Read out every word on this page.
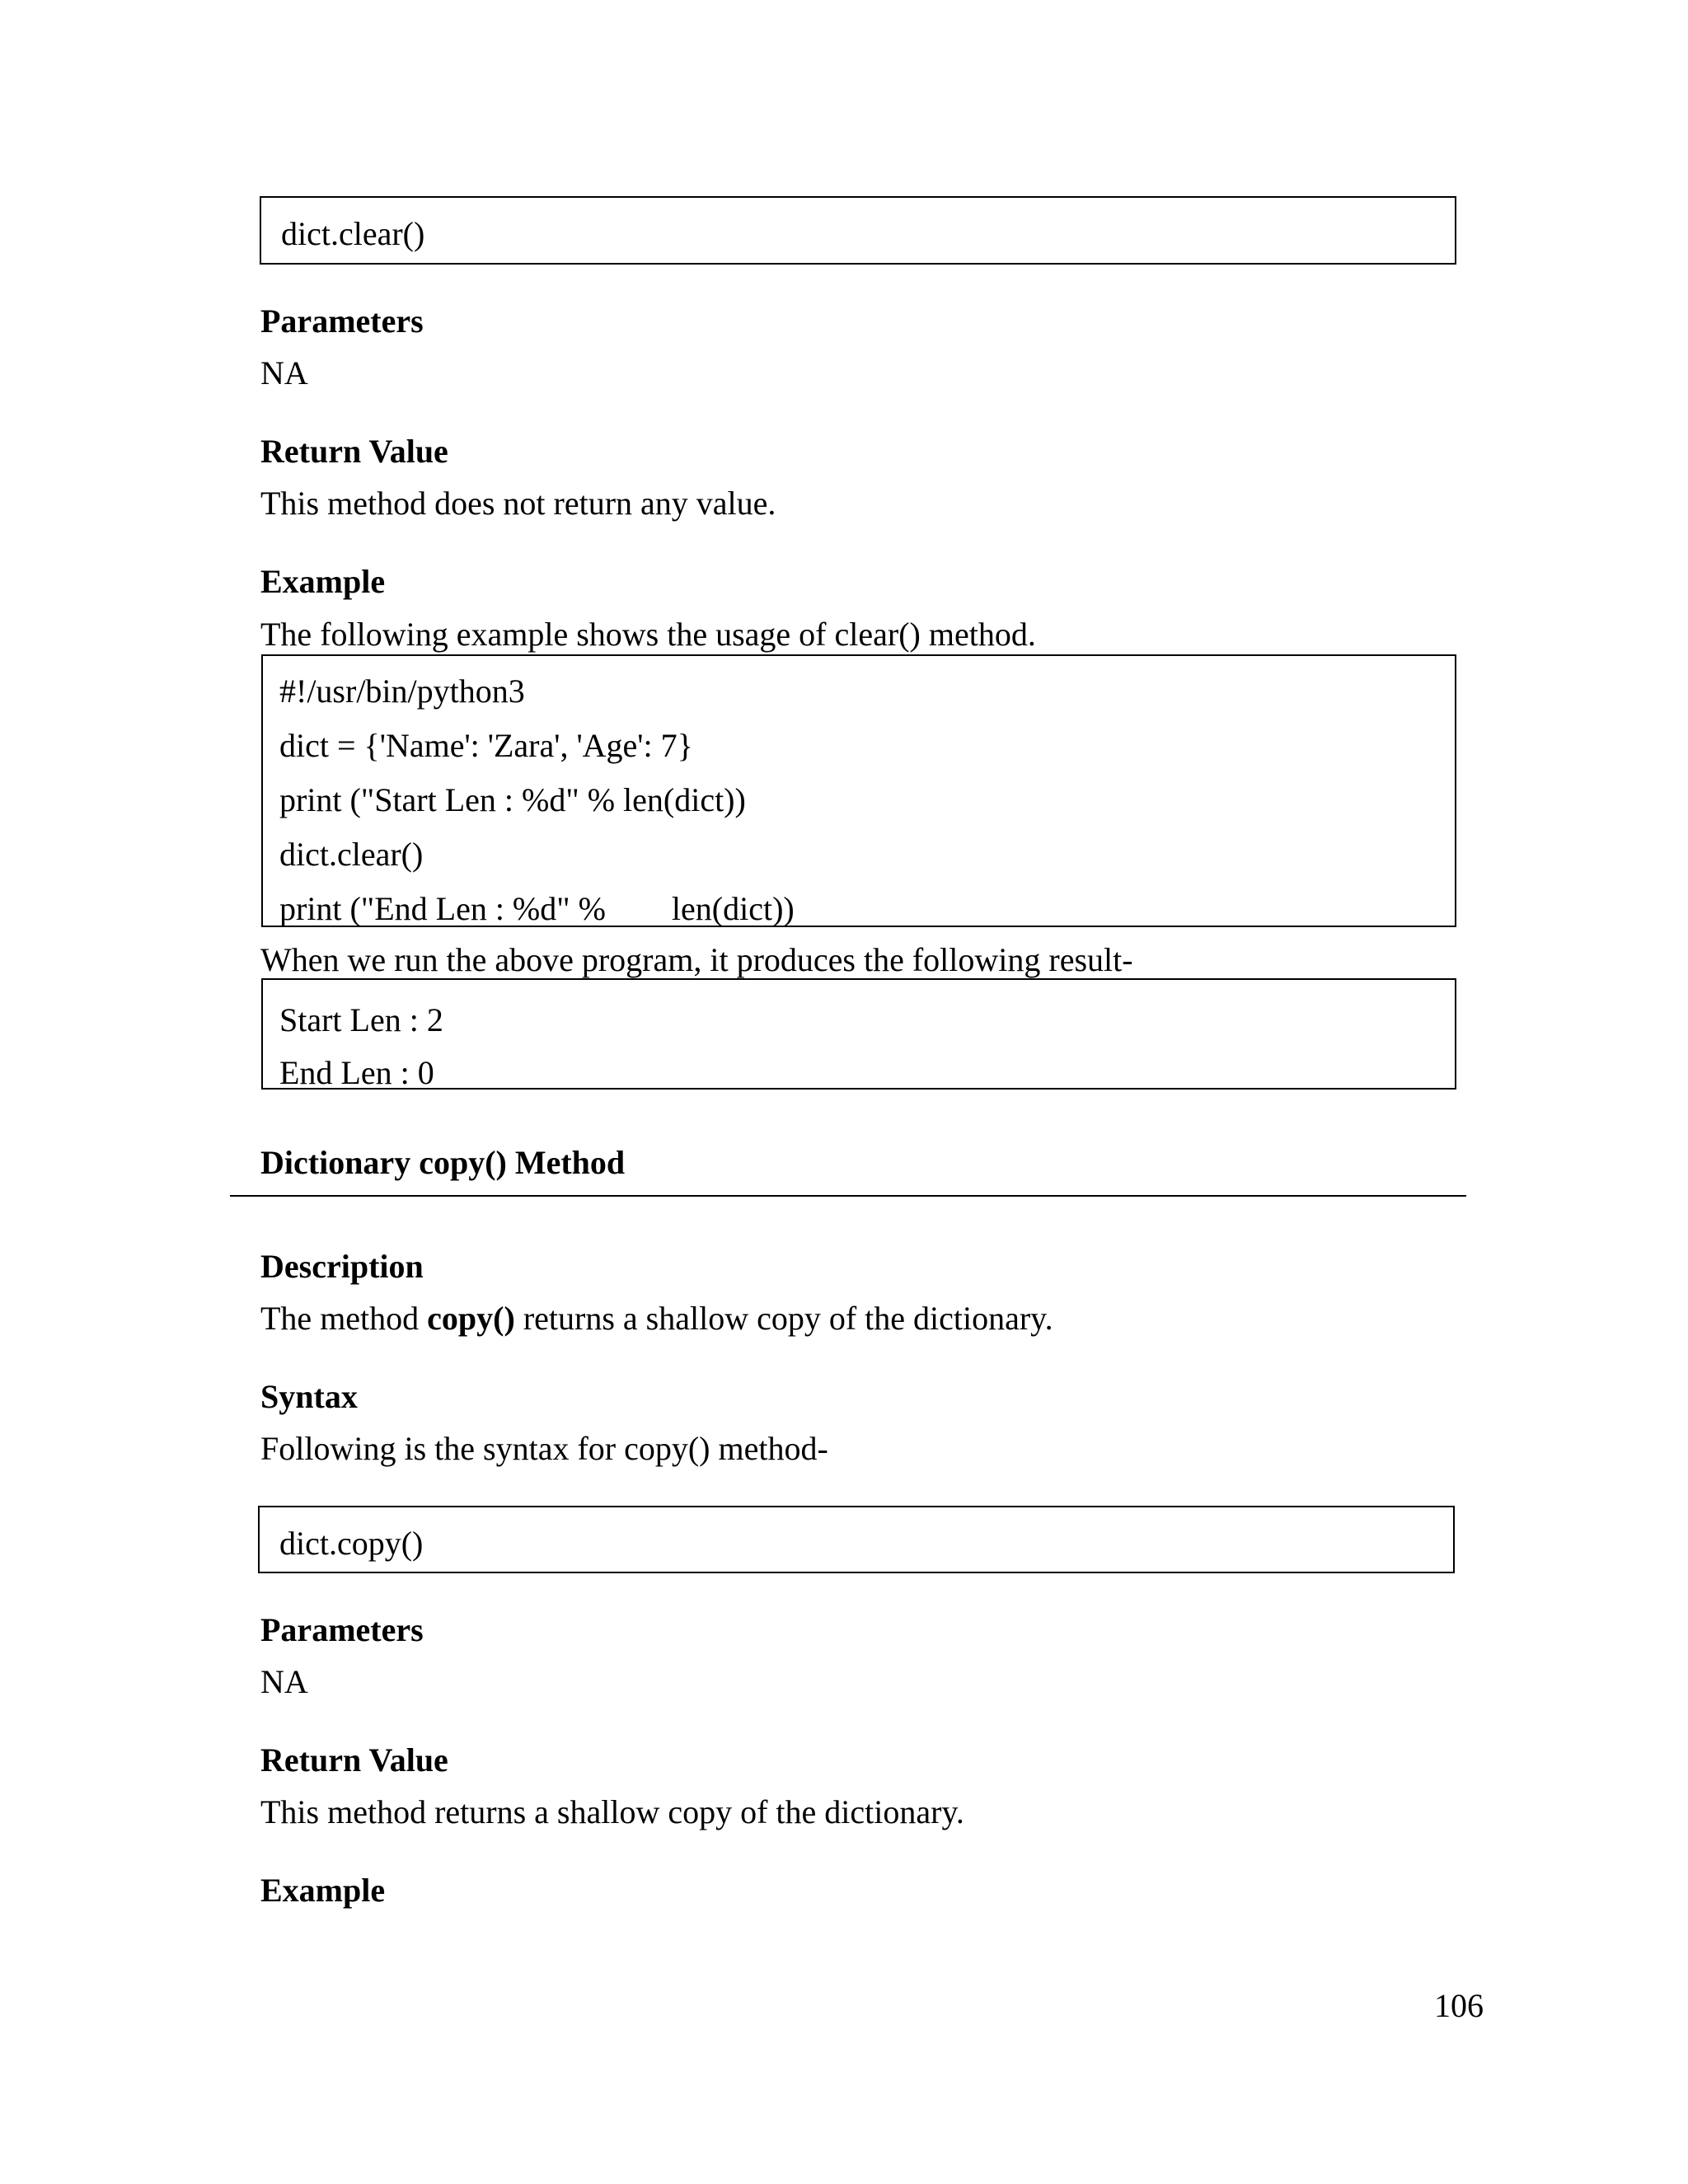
dict.clear()
Parameters
NA
Return Value
This method does not return any value.
Example
The following example shows the usage of clear() method.
#!/usr/bin/python3
dict = {'Name': 'Zara', 'Age': 7}
print ("Start Len : %d" % len(dict))
dict.clear()
print ("End Len : %d" % len(dict))
When we run the above program, it produces the following result-
Start Len : 2
End Len : 0
Dictionary copy() Method
Description
The method copy() returns a shallow copy of the dictionary.
Syntax
Following is the syntax for copy() method-
dict.copy()
Parameters
NA
Return Value
This method returns a shallow copy of the dictionary.
Example
106
